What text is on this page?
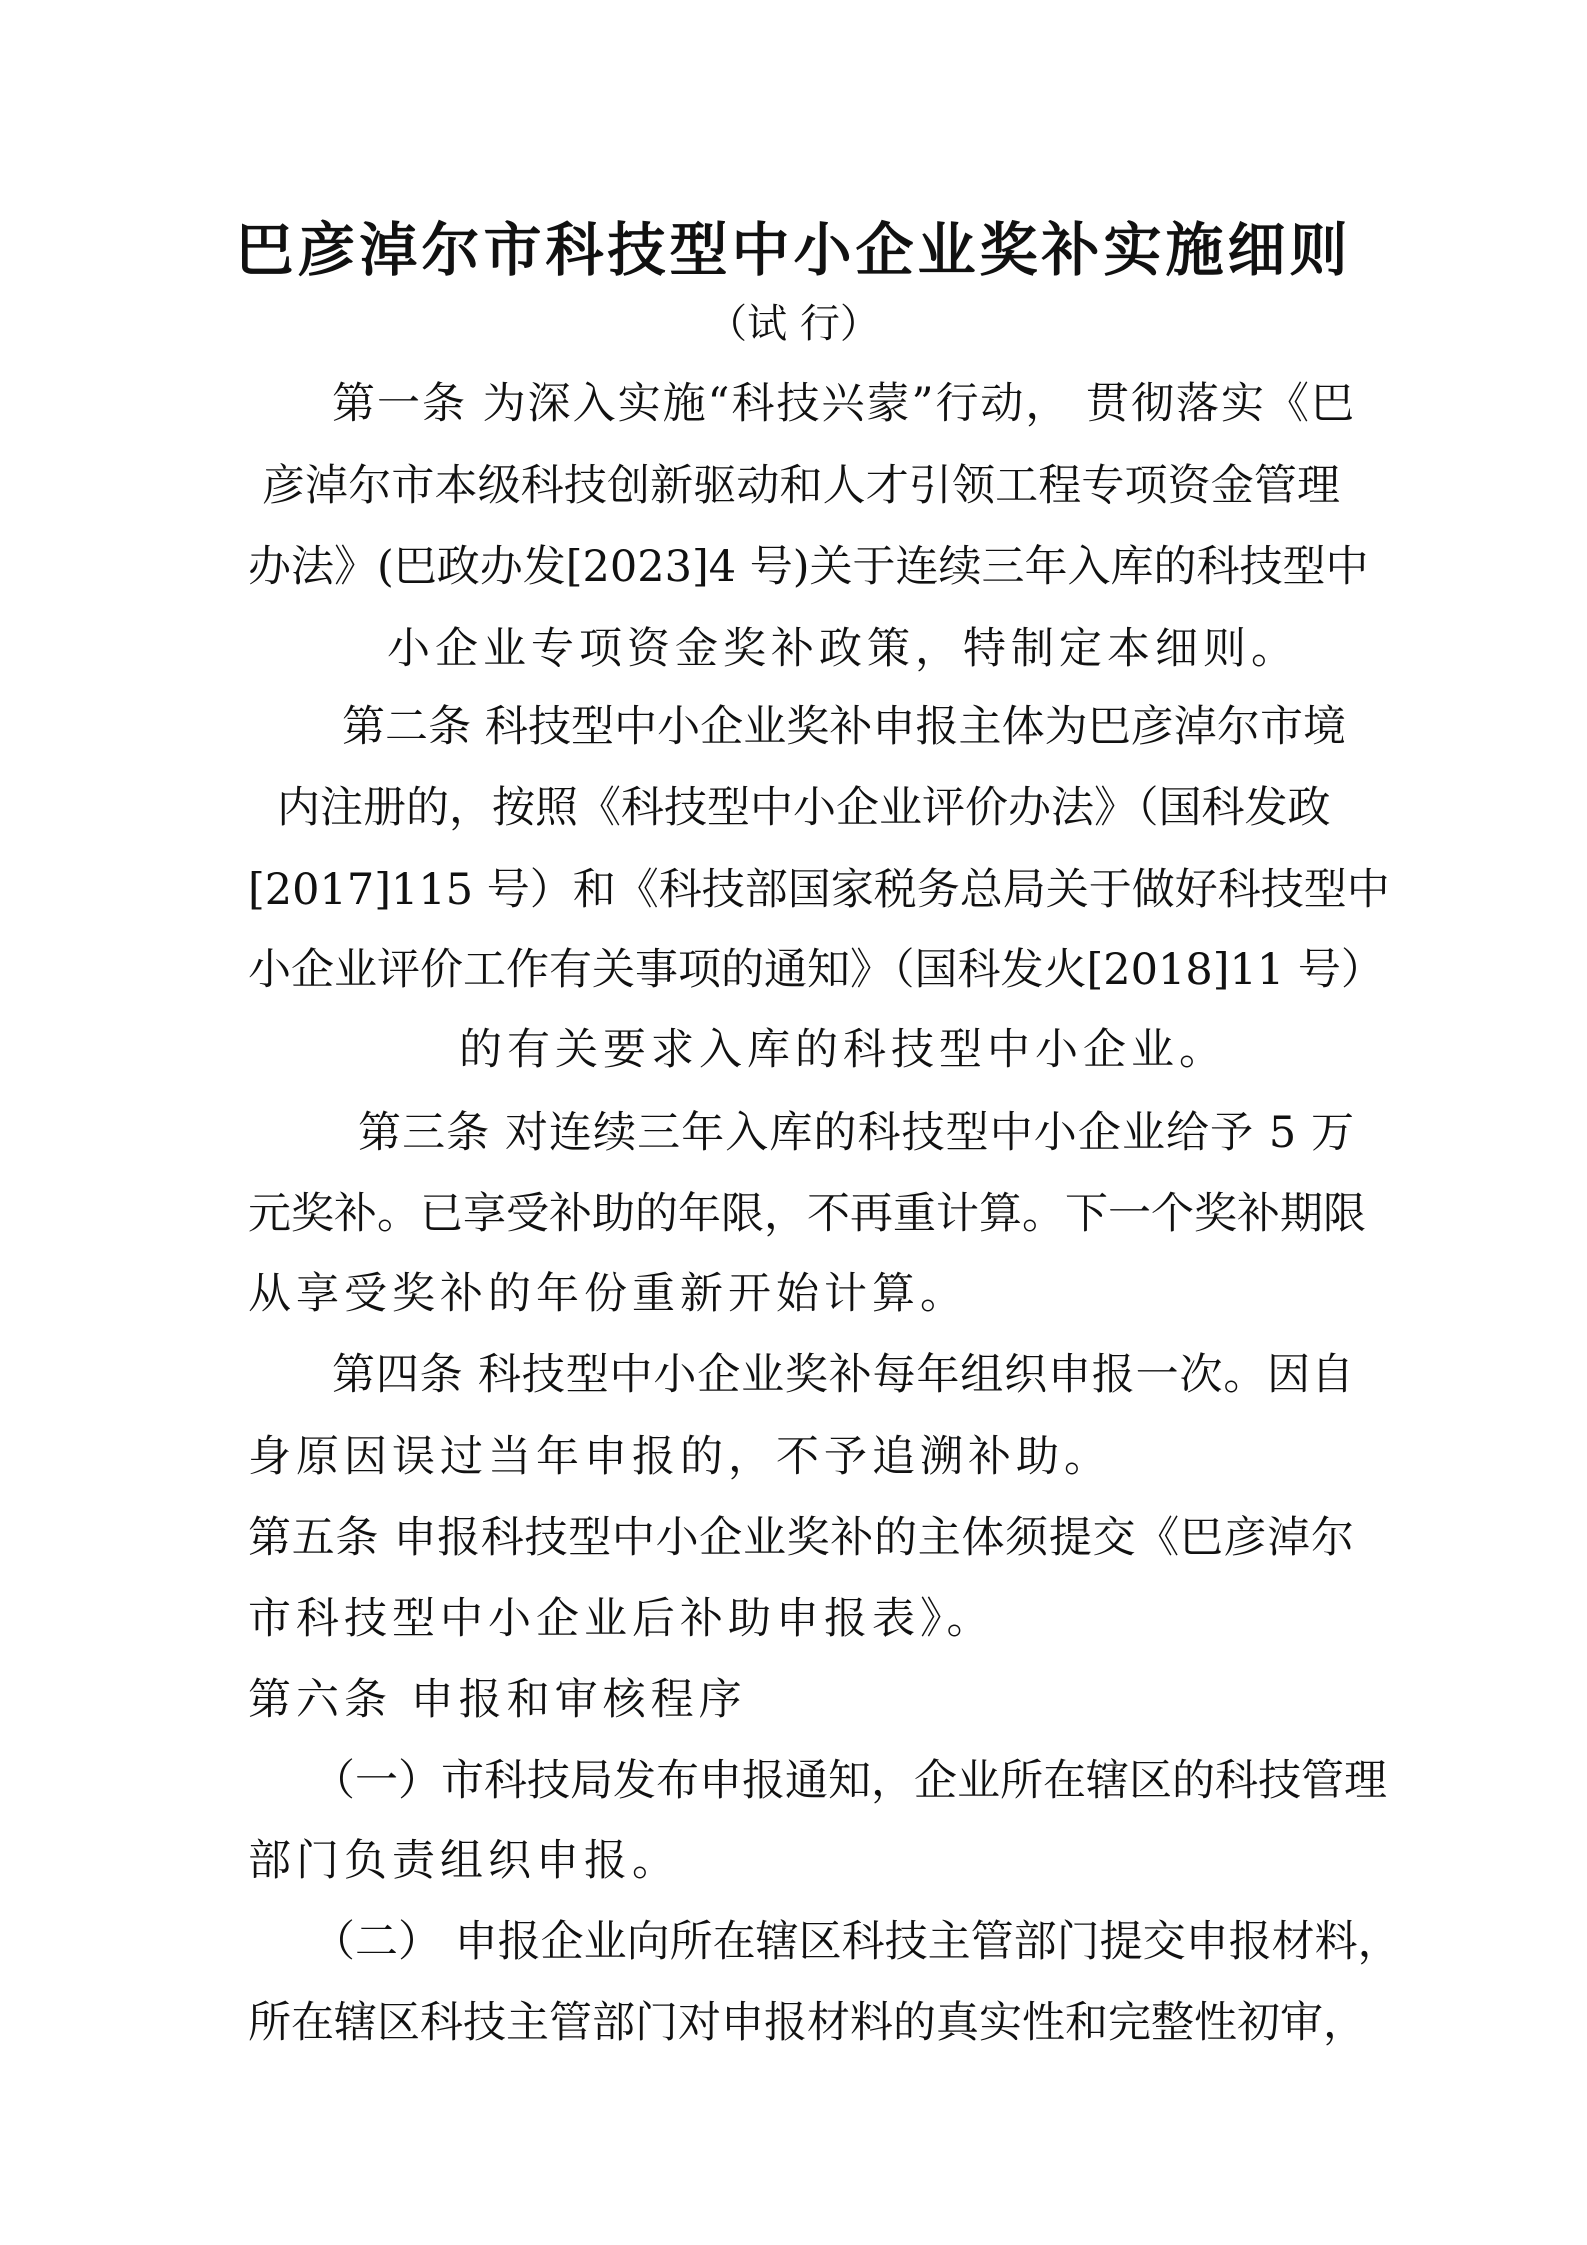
巴彦淖尔市科技型中小企业奖补实施细则
（试 行）
第一条 为深入实施“科技兴蒙”行动， 贯彻落实《巴
彦淖尔市本级科技创新驱动和人才引领工程专项资金管理
办法》(巴政办发[2023]4 号)关于连续三年入库的科技型中
小企业专项资金奖补政策，特制定本细则。
第二条 科技型中小企业奖补申报主体为巴彦淖尔市境
内注册的，按照《科技型中小企业评价办法》（国科发政
[2017]115 号）和《科技部国家税务总局关于做好科技型中
小企业评价工作有关事项的通知》（国科发火[2018]11 号）
的有关要求入库的科技型中小企业。
第三条 对连续三年入库的科技型中小企业给予 5 万
元奖补。已享受补助的年限，不再重计算。下一个奖补期限
从享受奖补的年份重新开始计算。
第四条 科技型中小企业奖补每年组织申报一次。因自
身原因误过当年申报的，不予追溯补助。
第五条 申报科技型中小企业奖补的主体须提交《巴彦淖尔
市科技型中小企业后补助申报表》。
第六条 申报和审核程序
（一）市科技局发布申报通知，企业所在辖区的科技管理
部门负责组织申报。
（二） 申报企业向所在辖区科技主管部门提交申报材料，
所在辖区科技主管部门对申报材料的真实性和完整性初审，
